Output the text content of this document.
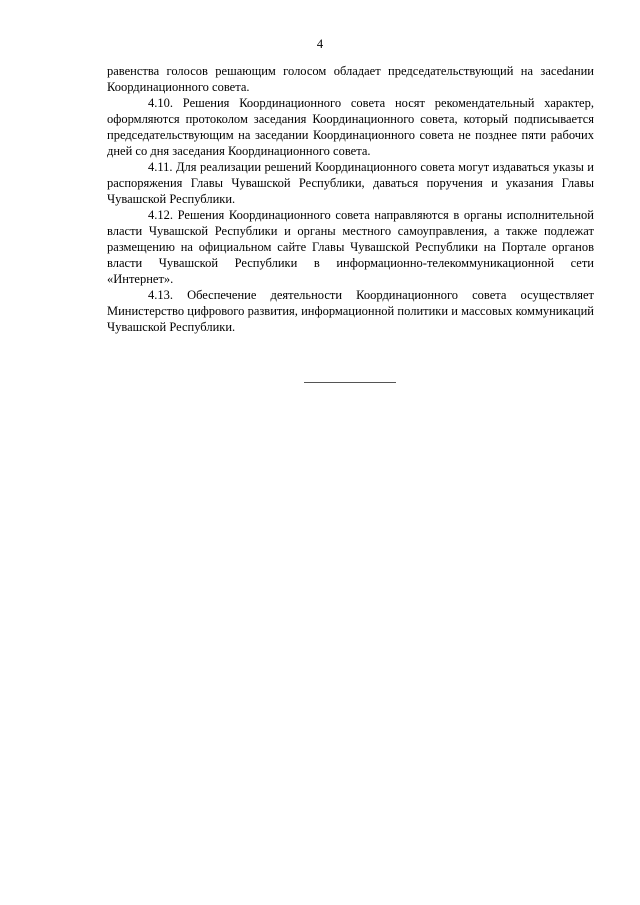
4

равенства голосов решающим голосом обладает председательствующий на засеdании Координационного совета.

4.10. Решения Координационного совета носят рекомендательный характер, оформляются протоколом заседания Координационного совета, который подписывается председательствующим на заседании Координационного совета не позднее пяти рабочих дней со дня заседания Координационного совета.

4.11. Для реализации решений Координационного совета могут издаваться указы и распоряжения Главы Чувашской Республики, даваться поручения и указания Главы Чувашской Республики.

4.12. Решения Координационного совета направляются в органы исполнительной власти Чувашской Республики и органы местного самоуправления, а также подлежат размещению на официальном сайте Главы Чувашской Республики на Портале органов власти Чувашской Республики в информационно-телекоммуникационной сети «Интернет».

4.13. Обеспечение деятельности Координационного совета осуществляет Министерство цифрового развития, информационной политики и массовых коммуникаций Чувашской Республики.
